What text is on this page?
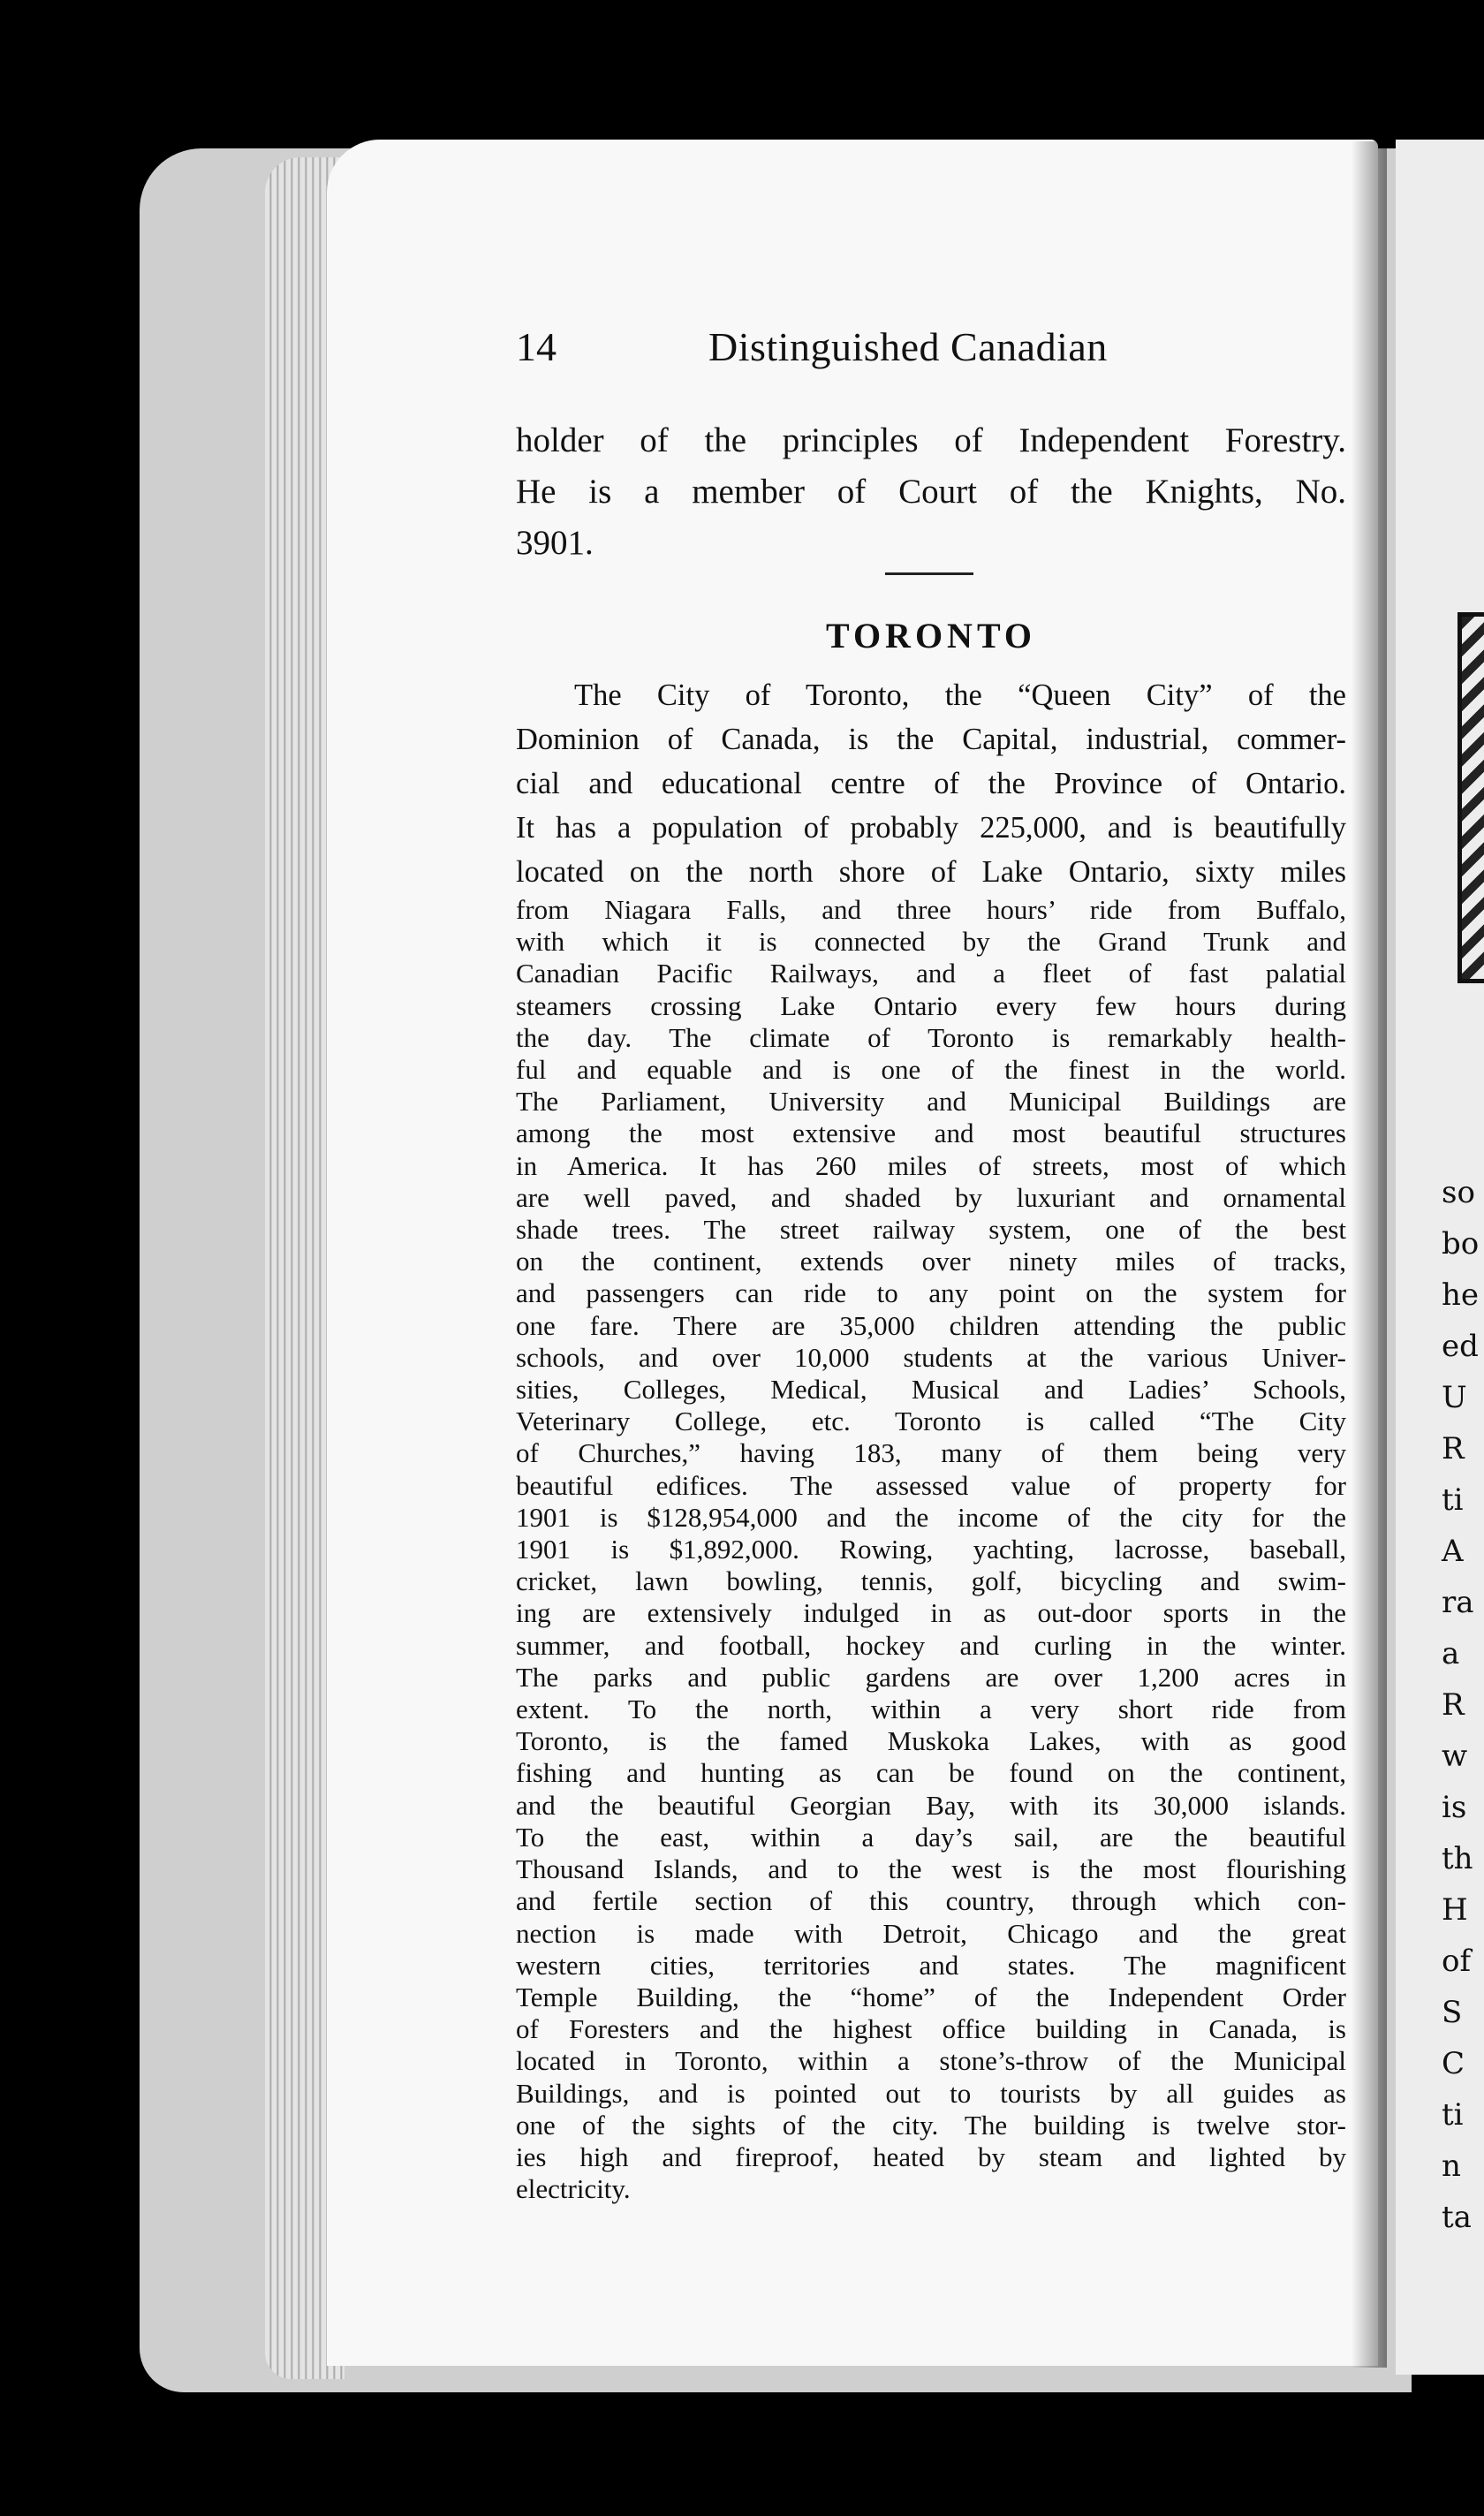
14	Distinguished Canadian

holder of the principles of Independent Forestry.
He is a member of Court of the Knights, No.
3901.

TORONTO

The City of Toronto, the “Queen City” of the
Dominion of Canada, is the Capital, industrial, commer-
cial and educational centre of the Province of Ontario.
It has a population of probably 225,000, and is beautifully
located on the north shore of Lake Ontario, sixty miles
from Niagara Falls, and three hours’ ride from Buffalo,
with which it is connected by the Grand Trunk and
Canadian Pacific Railways, and a fleet of fast palatial
steamers crossing Lake Ontario every few hours during
the day. The climate of Toronto is remarkably health-
ful and equable and is one of the finest in the world.
The Parliament, University and Municipal Buildings are
among the most extensive and most beautiful structures
in America. It has 260 miles of streets, most of which
are well paved, and shaded by luxuriant and ornamental
shade trees. The street railway system, one of the best
on the continent, extends over ninety miles of tracks,
and passengers can ride to any point on the system for
one fare. There are 35,000 children attending the public
schools, and over 10,000 students at the various Univer-
sities, Colleges, Medical, Musical and Ladies’ Schools,
Veterinary College, etc. Toronto is called “The City
of Churches,” having 183, many of them being very
beautiful edifices. The assessed value of property for
1901 is $128,954,000 and the income of the city for the
1901 is $1,892,000. Rowing, yachting, lacrosse, baseball,
cricket, lawn bowling, tennis, golf, bicycling and swim-
ing are extensively indulged in as out-door sports in the
summer, and football, hockey and curling in the winter.
The parks and public gardens are over 1,200 acres in
extent. To the north, within a very short ride from
Toronto, is the famed Muskoka Lakes, with as good
fishing and hunting as can be found on the continent,
and the beautiful Georgian Bay, with its 30,000 islands.
To the east, within a day’s sail, are the beautiful
Thousand Islands, and to the west is the most flourishing
and fertile section of this country, through which con-
nection is made with Detroit, Chicago and the great
western cities, territories and states. The magnificent
Temple Building, the “home” of the Independent Order
of Foresters and the highest office building in Canada, is
located in Toronto, within a stone’s-throw of the Municipal
Buildings, and is pointed out to tourists by all guides as
one of the sights of the city. The building is twelve stor-
ies high and fireproof, heated by steam and lighted by
electricity.

so
bo
he
ed
U
R
ti
A
ra
a
R
w
is
th
H
of
S
C
ti
n
ta
